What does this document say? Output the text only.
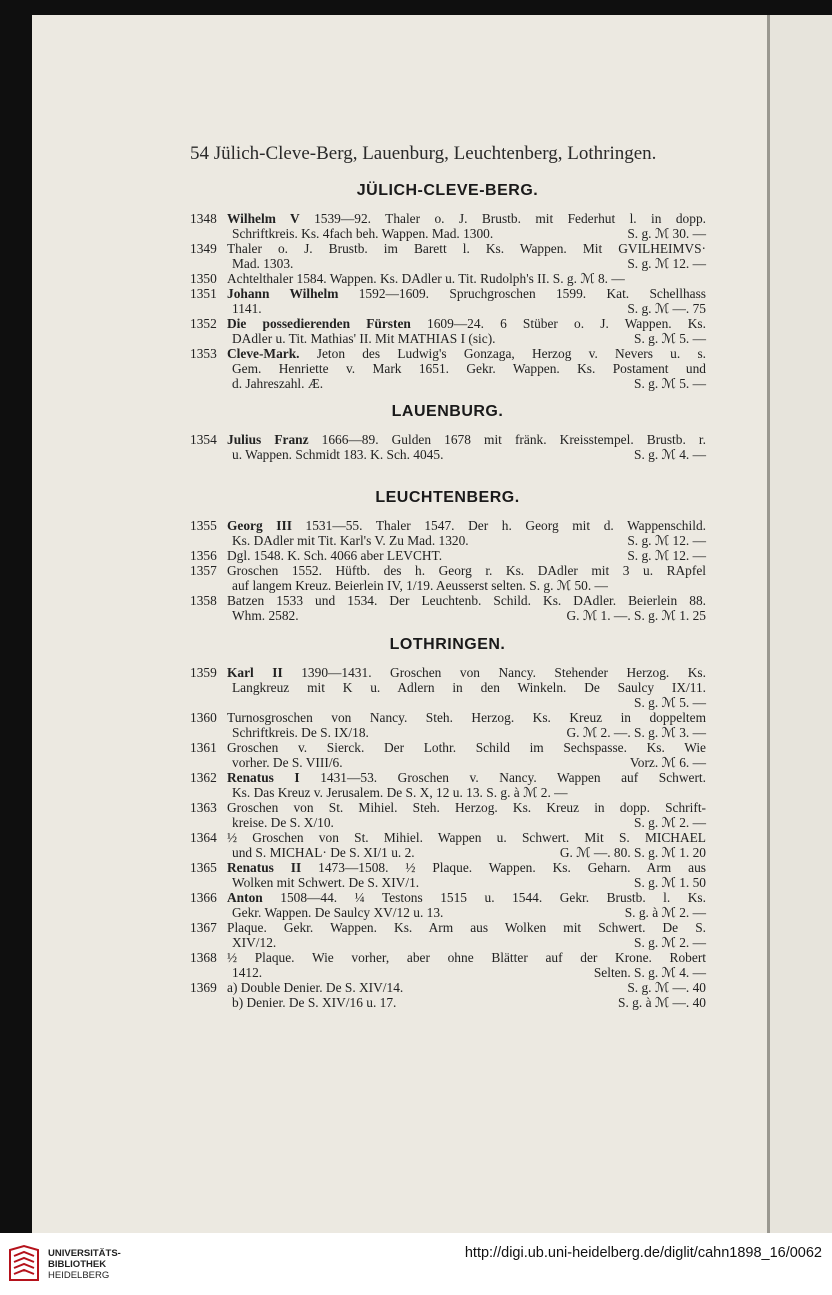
54 Jülich-Cleve-Berg, Lauenburg, Leuchtenberg, Lothringen.
JÜLICH-CLEVE-BERG.
1348 Wilhelm V 1539—92. Thaler o. J. Brustb. mit Federhut l. in dopp.
Schriftkreis. Ks. 4fach beh. Wappen. Mad. 1300.	S. g. ℳ 30. —
1349 Thaler o. J. Brustb. im Barett l. Ks. Wappen. Mit GVILHEIMVS·
Mad. 1303.	S. g. ℳ 12. —
1350 Achtelthaler 1584. Wappen. Ks. DAdler u. Tit. Rudolph's II. S. g. ℳ 8. —
1351 Johann Wilhelm 1592—1609. Spruchgroschen 1599. Kat. Schellhass
1141.	S. g. ℳ —. 75
1352 Die possedierenden Fürsten 1609—24. 6 Stüber o. J. Wappen. Ks.
DAdler u. Tit. Mathias' II. Mit MATHIAS I (sic).	S. g. ℳ 5. —
1353 Cleve-Mark. Jeton des Ludwig's Gonzaga, Herzog v. Nevers u. s.
Gem. Henriette v. Mark 1651. Gekr. Wappen. Ks. Postament und
d. Jahreszahl. Æ.	S. g. ℳ 5. —
LAUENBURG.
1354 Julius Franz 1666—89. Gulden 1678 mit fränk. Kreisstempel. Brustb. r.
u. Wappen. Schmidt 183. K. Sch. 4045.	S. g. ℳ 4. —
LEUCHTENBERG.
1355 Georg III 1531—55. Thaler 1547. Der h. Georg mit d. Wappenschild.
Ks. DAdler mit Tit. Karl's V. Zu Mad. 1320.	S. g. ℳ 12. —
1356 Dgl. 1548. K. Sch. 4066 aber LEVCHT.	S. g. ℳ 12. —
1357 Groschen 1552. Hüftb. des h. Georg r. Ks. DAdler mit 3 u. RApfel
auf langem Kreuz. Beierlein IV, 1/19. Aeusserst selten. S. g. ℳ 50. —
1358 Batzen 1533 und 1534. Der Leuchtenb. Schild. Ks. DAdler. Beierlein 88.
Whm. 2582.	G. ℳ 1. —. S. g. ℳ 1. 25
LOTHRINGEN.
1359 Karl II 1390—1431. Groschen von Nancy. Stehender Herzog. Ks.
Langkreuz mit K u. Adlern in den Winkeln. De Saulcy IX/11.
S. g. ℳ 5. —
1360 Turnosgroschen von Nancy. Steh. Herzog. Ks. Kreuz in doppeltem
Schriftkreis. De S. IX/18.	G. ℳ 2. —. S. g. ℳ 3. —
1361 Groschen v. Sierck. Der Lothr. Schild im Sechspasse. Ks. Wie
vorher. De S. VIII/6.	Vorz. ℳ 6. —
1362 Renatus I 1431—53. Groschen v. Nancy. Wappen auf Schwert.
Ks. Das Kreuz v. Jerusalem. De S. X, 12 u. 13. S. g. à ℳ 2. —
1363 Groschen von St. Mihiel. Steh. Herzog. Ks. Kreuz in dopp. Schrift-
kreise. De S. X/10.	S. g. ℳ 2. —
1364 ½ Groschen von St. Mihiel. Wappen u. Schwert. Mit S. MICHAEL
und S. MICHAL· De S. XI/1 u. 2.	G. ℳ —. 80. S. g. ℳ 1. 20
1365 Renatus II 1473—1508. ½ Plaque. Wappen. Ks. Geharn. Arm aus
Wolken mit Schwert. De S. XIV/1.	S. g. ℳ 1. 50
1366 Anton 1508—44. ¼ Testons 1515 u. 1544. Gekr. Brustb. l. Ks.
Gekr. Wappen. De Saulcy XV/12 u. 13.	S. g. à ℳ 2. —
1367 Plaque. Gekr. Wappen. Ks. Arm aus Wolken mit Schwert. De S.
XIV/12.	S. g. ℳ 2. —
1368 ½ Plaque. Wie vorher, aber ohne Blätter auf der Krone. Robert
1412.	Selten. S. g. ℳ 4. —
1369 a) Double Denier. De S. XIV/14.	S. g. ℳ —. 40
b) Denier. De S. XIV/16 u. 17.	S. g. à ℳ —. 40
UNIVERSITÄTS-
BIBLIOTHEK
HEIDELBERG
http://digi.ub.uni-heidelberg.de/diglit/cahn1898_16/0062
